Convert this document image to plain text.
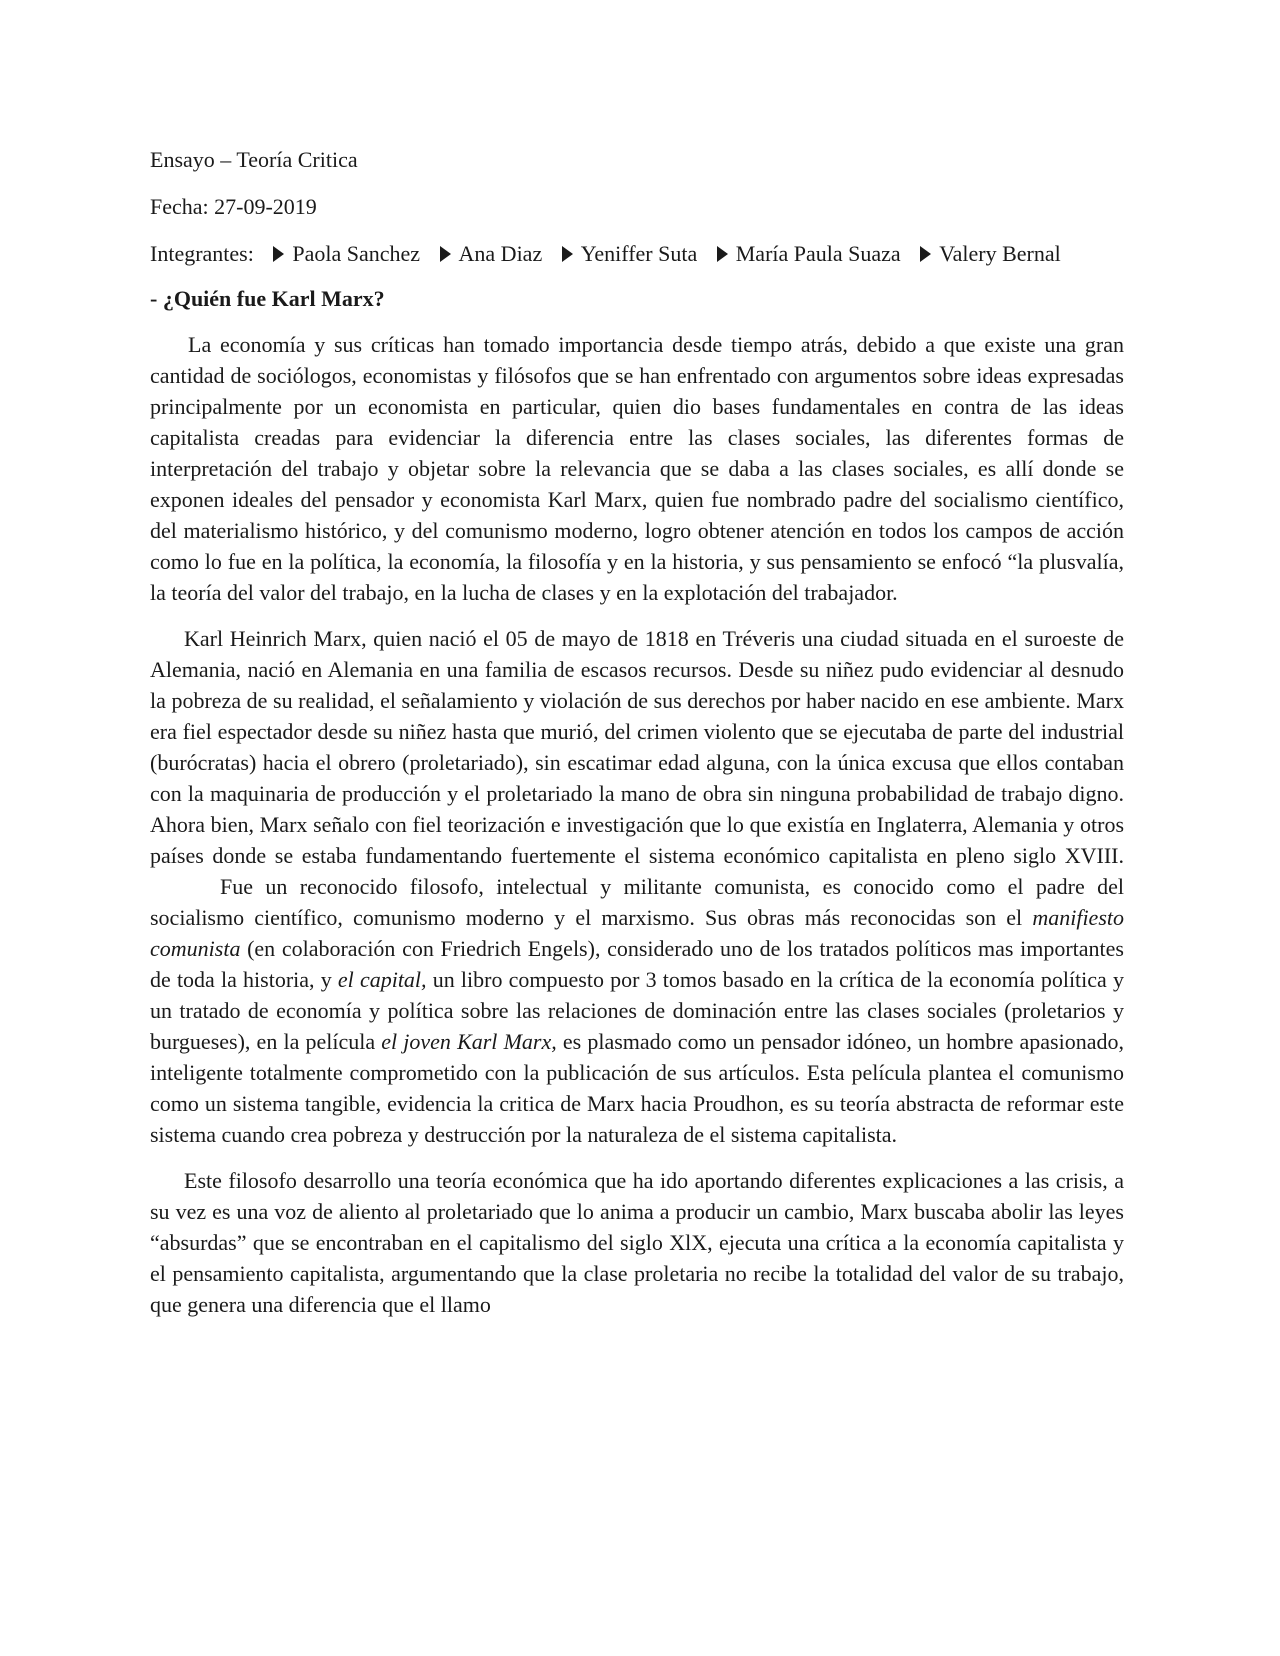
Ensayo – Teoría Critica

Fecha: 27-09-2019

Integrantes: Paola Sanchez Ana Diaz Yeniffer Suta María Paula Suaza Valery Bernal

- ¿Quién fue Karl Marx?

La economía y sus críticas han tomado importancia desde tiempo atrás, debido a que existe una gran cantidad de sociólogos, economistas y filósofos que se han enfrentado con argumentos sobre ideas expresadas principalmente por un economista en particular, quien dio bases fundamentales en contra de las ideas capitalista creadas para evidenciar la diferencia entre las clases sociales, las diferentes formas de interpretación del trabajo y objetar sobre la relevancia que se daba a las clases sociales, es allí donde se exponen ideales del pensador y economista Karl Marx, quien fue nombrado padre del socialismo científico, del materialismo histórico, y del comunismo moderno, logro obtener atención en todos los campos de acción como lo fue en la política, la economía, la filosofía y en la historia, y sus pensamiento se enfocó “la plusvalía, la teoría del valor del trabajo, en la lucha de clases y en la explotación del trabajador.

Karl Heinrich Marx, quien nació el 05 de mayo de 1818 en Tréveris una ciudad situada en el suroeste de Alemania, nació en Alemania en una familia de escasos recursos. Desde su niñez pudo evidenciar al desnudo la pobreza de su realidad, el señalamiento y violación de sus derechos por haber nacido en ese ambiente. Marx era fiel espectador desde su niñez hasta que murió, del crimen violento que se ejecutaba de parte del industrial (burócratas) hacia el obrero (proletariado), sin escatimar edad alguna, con la única excusa que ellos contaban con la maquinaria de producción y el proletariado la mano de obra sin ninguna probabilidad de trabajo digno. Ahora bien, Marx señalo con fiel teorización e investigación que lo que existía en Inglaterra, Alemania y otros países donde se estaba fundamentando fuertemente el sistema económico capitalista en pleno siglo XVIII.Fue un reconocido filosofo, intelectual y militante comunista, es conocido como el padre del socialismo científico, comunismo moderno y el marxismo. Sus obras más reconocidas son el manifiesto comunista (en colaboración con Friedrich Engels), considerado uno de los tratados políticos mas importantes de toda la historia, y el capital, un libro compuesto por 3 tomos basado en la crítica de la economía política y un tratado de economía y política sobre las relaciones de dominación entre las clases sociales (proletarios y burgueses), en la película el joven Karl Marx, es plasmado como un pensador idóneo, un hombre apasionado, inteligente totalmente comprometido con la publicación de sus artículos. Esta película plantea el comunismo como un sistema tangible, evidencia la critica de Marx hacia Proudhon, es su teoría abstracta de reformar este sistema cuando crea pobreza y destrucción por la naturaleza de el sistema capitalista.

Este filosofo desarrollo una teoría económica que ha ido aportando diferentes explicaciones a las crisis, a su vez es una voz de aliento al proletariado que lo anima a producir un cambio, Marx buscaba abolir las leyes “absurdas” que se encontraban en el capitalismo del siglo XlX, ejecuta una crítica a la economía capitalista y el pensamiento capitalista, argumentando que la clase proletaria no recibe la totalidad del valor de su trabajo, que genera una diferencia que el llamo
